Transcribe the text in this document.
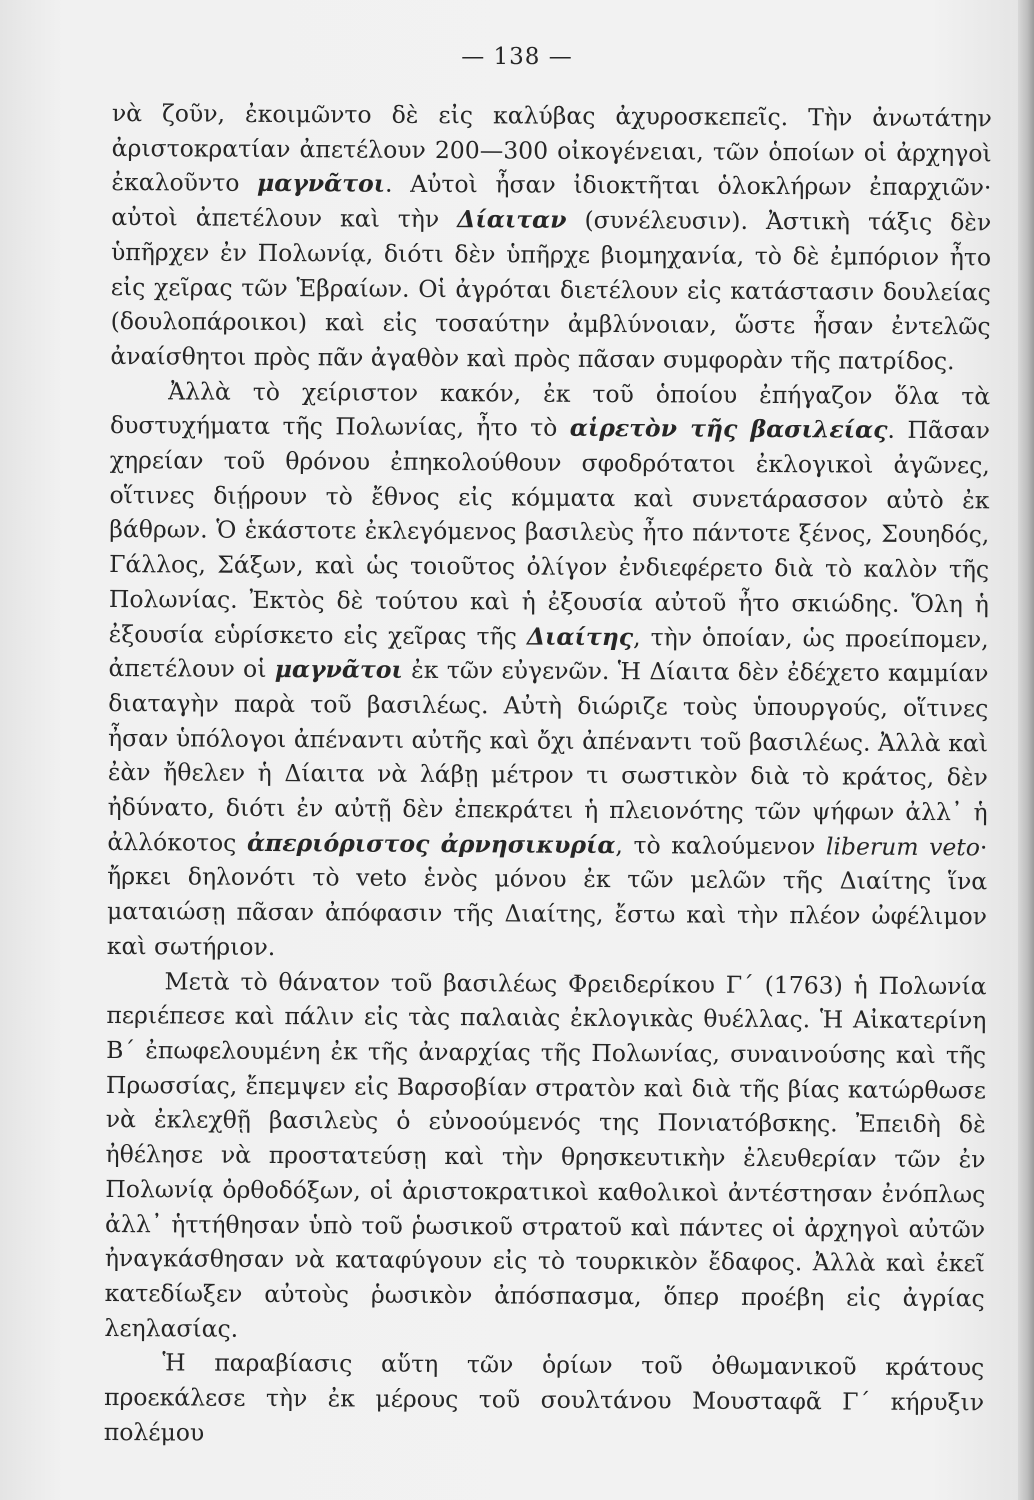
— 138 —

νὰ ζοῦν, ἐκοιμῶντο δὲ εἰς καλύβας ἀχυροσκεπεῖς. Τὴν ἀνωτάτην ἀριστοκρατίαν ἀπετέλουν 200—300 οἰκογένειαι, τῶν ὁποίων οἱ ἀρχηγοὶ ἐκαλοῦντο μαγνᾶτοι. Αὐτοὶ ἦσαν ἰδιοκτῆται ὁλοκλήρων ἐπαρχιῶν· αὐτοὶ ἀπετέλουν καὶ τὴν Δίαιταν (συνέλευσιν). Ἀστικὴ τάξις δὲν ὑπῆρχεν ἐν Πολωνίᾳ, διότι δὲν ὑπῆρχε βιομηχανία, τὸ δὲ ἐμπόριον ἦτο εἰς χεῖρας τῶν Ἑβραίων. Οἱ ἀγρόται διετέλουν εἰς κατάστασιν δουλείας (δουλοπάροικοι) καὶ εἰς τοσαύτην ἀμβλύνοιαν, ὥστε ἦσαν ἐντελῶς ἀναίσθητοι πρὸς πᾶν ἀγαθὸν καὶ πρὸς πᾶσαν συμφορὰν τῆς πατρίδος.

Ἀλλὰ τὸ χείριστον κακόν, ἐκ τοῦ ὁποίου ἐπήγαζον ὅλα τὰ δυστυχήματα τῆς Πολωνίας, ἦτο τὸ αἱρετὸν τῆς βασιλείας. Πᾶσαν χηρείαν τοῦ θρόνου ἐπηκολούθουν σφοδρότατοι ἐκλογικοὶ ἀγῶνες, οἵτινες διῄρουν τὸ ἔθνος εἰς κόμματα καὶ συνετάρασσον αὐτὸ ἐκ βάθρων. Ὁ ἑκάστοτε ἐκλεγόμενος βασιλεὺς ἦτο πάντοτε ξένος, Σουηδός, Γάλλος, Σάξων, καὶ ὡς τοιοῦτος ὀλίγον ἐνδιεφέρετο διὰ τὸ καλὸν τῆς Πολωνίας. Ἐκτὸς δὲ τούτου καὶ ἡ ἐξουσία αὐτοῦ ἦτο σκιώδης. Ὅλη ἡ ἐξουσία εὑρίσκετο εἰς χεῖρας τῆς Διαίτης, τὴν ὁποίαν, ὡς προείπομεν, ἀπετέλουν οἱ μαγνᾶτοι ἐκ τῶν εὐγενῶν. Ἡ Δίαιτα δὲν ἐδέχετο καμμίαν διαταγὴν παρὰ τοῦ βασιλέως. Αὐτὴ διώριζε τοὺς ὑπουργούς, οἵτινες ἦσαν ὑπόλογοι ἀπέναντι αὐτῆς καὶ ὄχι ἀπέναντι τοῦ βασιλέως. Ἀλλὰ καὶ ἐὰν ἤθελεν ἡ Δίαιτα νὰ λάβῃ μέτρον τι σωστικὸν διὰ τὸ κράτος, δὲν ἠδύνατο, διότι ἐν αὐτῇ δὲν ἐπεκράτει ἡ πλειονότης τῶν ψήφων ἀλλ᾽ ἡ ἀλλόκοτος ἀπεριόριστος ἀρνησικυρία, τὸ καλούμενον liberum veto· ἤρκει δηλονότι τὸ veto ἑνὸς μόνου ἐκ τῶν μελῶν τῆς Διαίτης ἵνα ματαιώσῃ πᾶσαν ἀπόφασιν τῆς Διαίτης, ἔστω καὶ τὴν πλέον ὠφέλιμον καὶ σωτήριον.

Μετὰ τὸ θάνατον τοῦ βασιλέως Φρειδερίκου Γ΄ (1763) ἡ Πολωνία περιέπεσε καὶ πάλιν εἰς τὰς παλαιὰς ἐκλογικὰς θυέλλας. Ἡ Αἰκατερίνη Β΄ ἐπωφελουμένη ἐκ τῆς ἀναρχίας τῆς Πολωνίας, συναινούσης καὶ τῆς Πρωσσίας, ἔπεμψεν εἰς Βαρσοβίαν στρατὸν καὶ διὰ τῆς βίας κατώρθωσε νὰ ἐκλεχθῇ βασιλεὺς ὁ εὐνοούμενός της Πονιατόβσκης. Ἐπειδὴ δὲ ἠθέλησε νὰ προστατεύσῃ καὶ τὴν θρησκευτικὴν ἐλευθερίαν τῶν ἐν Πολωνίᾳ ὀρθοδόξων, οἱ ἀριστοκρατικοὶ καθολικοὶ ἀντέστησαν ἐνόπλως ἀλλ᾽ ἡττήθησαν ὑπὸ τοῦ ῥωσικοῦ στρατοῦ καὶ πάντες οἱ ἀρχηγοὶ αὐτῶν ἠναγκάσθησαν νὰ καταφύγουν εἰς τὸ τουρκικὸν ἔδαφος. Ἀλλὰ καὶ ἐκεῖ κατεδίωξεν αὐτοὺς ῥωσικὸν ἀπόσπασμα, ὅπερ προέβη εἰς ἀγρίας λεηλασίας.

Ἡ παραβίασις αὕτη τῶν ὁρίων τοῦ ὀθωμανικοῦ κράτους προεκάλεσε τὴν ἐκ μέρους τοῦ σουλτάνου Μουσταφᾶ Γ΄ κήρυξιν πολέμου
